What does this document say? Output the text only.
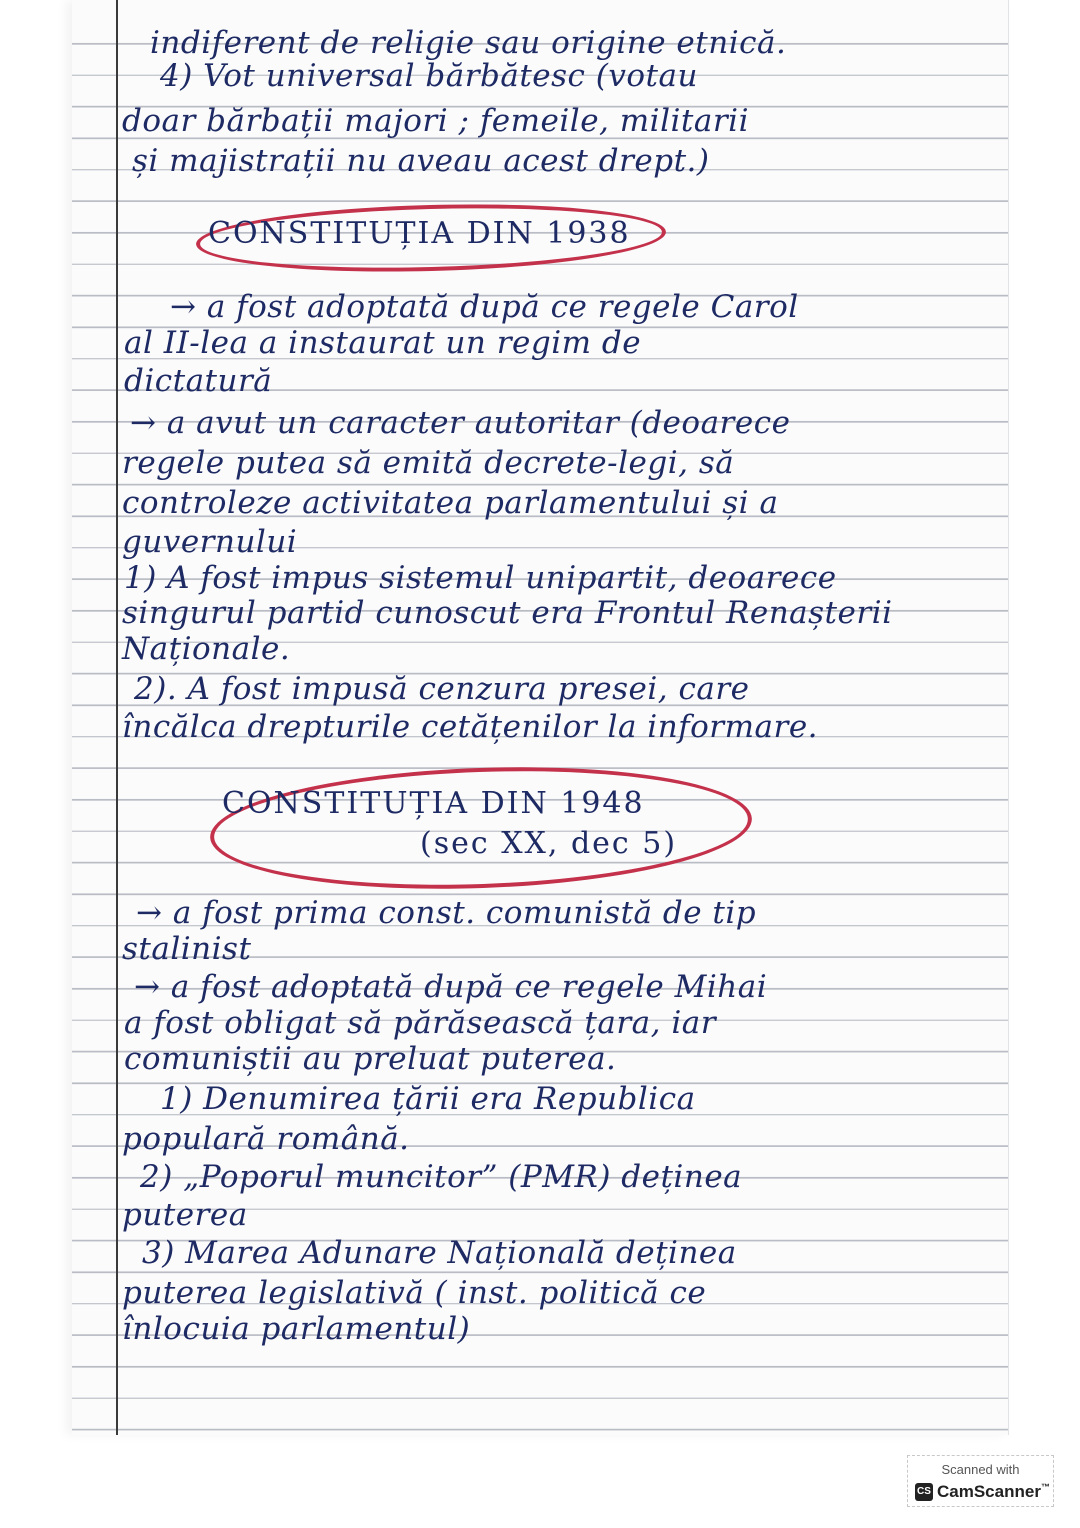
indiferent de religie sau origine etnică.
4) Vot universal bărbătesc (votau
doar bărbații majori ; femeile, militarii
și majistrații nu aveau acest drept.)
CONSTITUȚIA DIN 1938
→ a fost adoptată după ce regele Carol
al II-lea a instaurat un regim de
dictatură
→ a avut un caracter autoritar (deoarece
regele putea să emită decrete-legi, să
controleze activitatea parlamentului și a
guvernului
1) A fost impus sistemul unipartit, deoarece
singurul partid cunoscut era Frontul Renașterii
Naționale.
2). A fost impusă cenzura presei, care
încălca drepturile cetățenilor la informare.
CONSTITUȚIA DIN 1948
(sec XX, dec 5)
→ a fost prima const. comunistă de tip
stalinist
→ a fost adoptată după ce regele Mihai
a fost obligat să părăsească țara, iar
comuniștii au preluat puterea.
1) Denumirea țării era Republica
populară română.
2) „Poporul muncitor” (PMR) deținea
puterea
3) Marea Adunare Națională deținea
puterea legislativă ( inst. politică ce
înlocuia parlamentul)
Scanned with
CS CamScanner™
